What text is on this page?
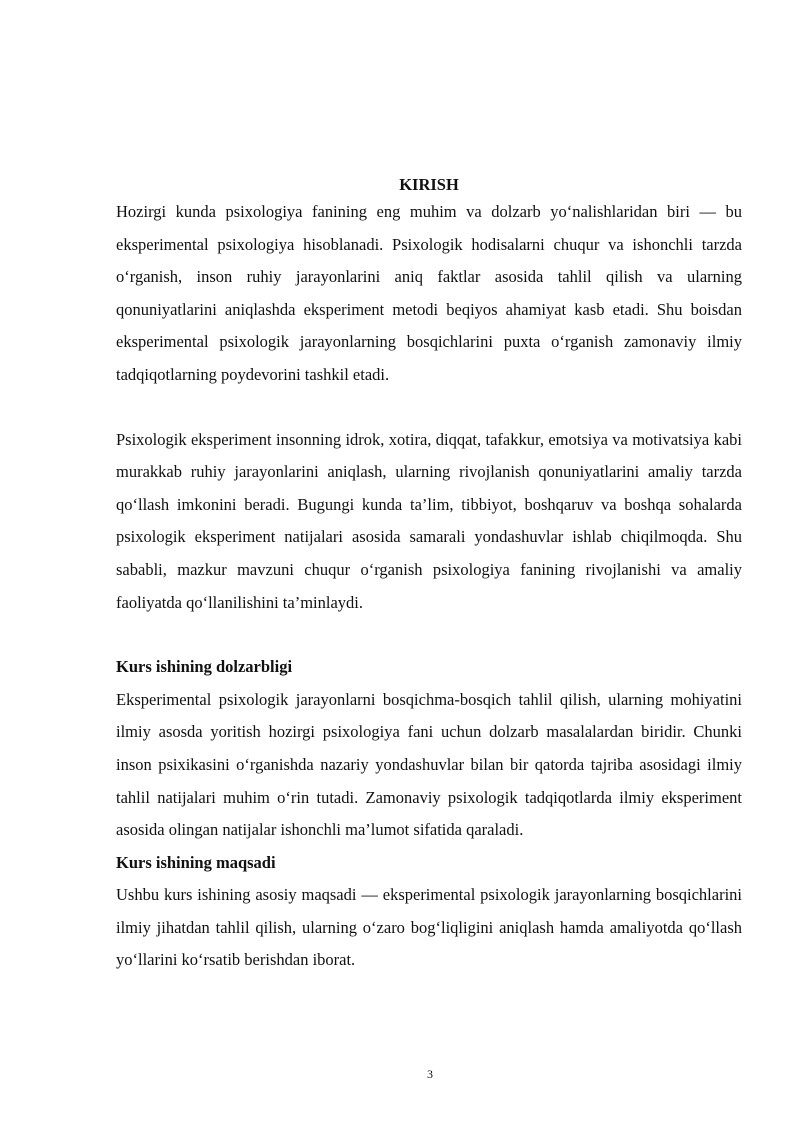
KIRISH

Hozirgi kunda psixologiya fanining eng muhim va dolzarb yo‘nalishlaridan biri — bu eksperimental psixologiya hisoblanadi. Psixologik hodisalarni chuqur va ishonchli tarzda o‘rganish, inson ruhiy jarayonlarini aniq faktlar asosida tahlil qilish va ularning qonuniyatlarini aniqlashda eksperiment metodi beqiyos ahamiyat kasb etadi. Shu boisdan eksperimental psixologik jarayonlarning bosqichlarini puxta o‘rganish zamonaviy ilmiy tadqiqotlarning poydevorini tashkil etadi.

Psixologik eksperiment insonning idrok, xotira, diqqat, tafakkur, emotsiya va motivatsiya kabi murakkab ruhiy jarayonlarini aniqlash, ularning rivojlanish qonuniyatlarini amaliy tarzda qo‘llash imkonini beradi. Bugungi kunda ta’lim, tibbiyot, boshqaruv va boshqa sohalarda psixologik eksperiment natijalari asosida samarali yondashuvlar ishlab chiqilmoqda. Shu sababli, mazkur mavzuni chuqur o‘rganish psixologiya fanining rivojlanishi va amaliy faoliyatda qo‘llanilishini ta’minlaydi.

Kurs ishining dolzarbligi

Eksperimental psixologik jarayonlarni bosqichma-bosqich tahlil qilish, ularning mohiyatini ilmiy asosda yoritish hozirgi psixologiya fani uchun dolzarb masalalardan biridir. Chunki inson psixikasini o‘rganishda nazariy yondashuvlar bilan bir qatorda tajriba asosidagi ilmiy tahlil natijalari muhim o‘rin tutadi. Zamonaviy psixologik tadqiqotlarda ilmiy eksperiment asosida olingan natijalar ishonchli ma’lumot sifatida qaraladi.

Kurs ishining maqsadi

Ushbu kurs ishining asosiy maqsadi — eksperimental psixologik jarayonlarning bosqichlarini ilmiy jihatdan tahlil qilish, ularning o‘zaro bog‘liqligini aniqlash hamda amaliyotda qo‘llash yo‘llarini ko‘rsatib berishdan iborat.

3
